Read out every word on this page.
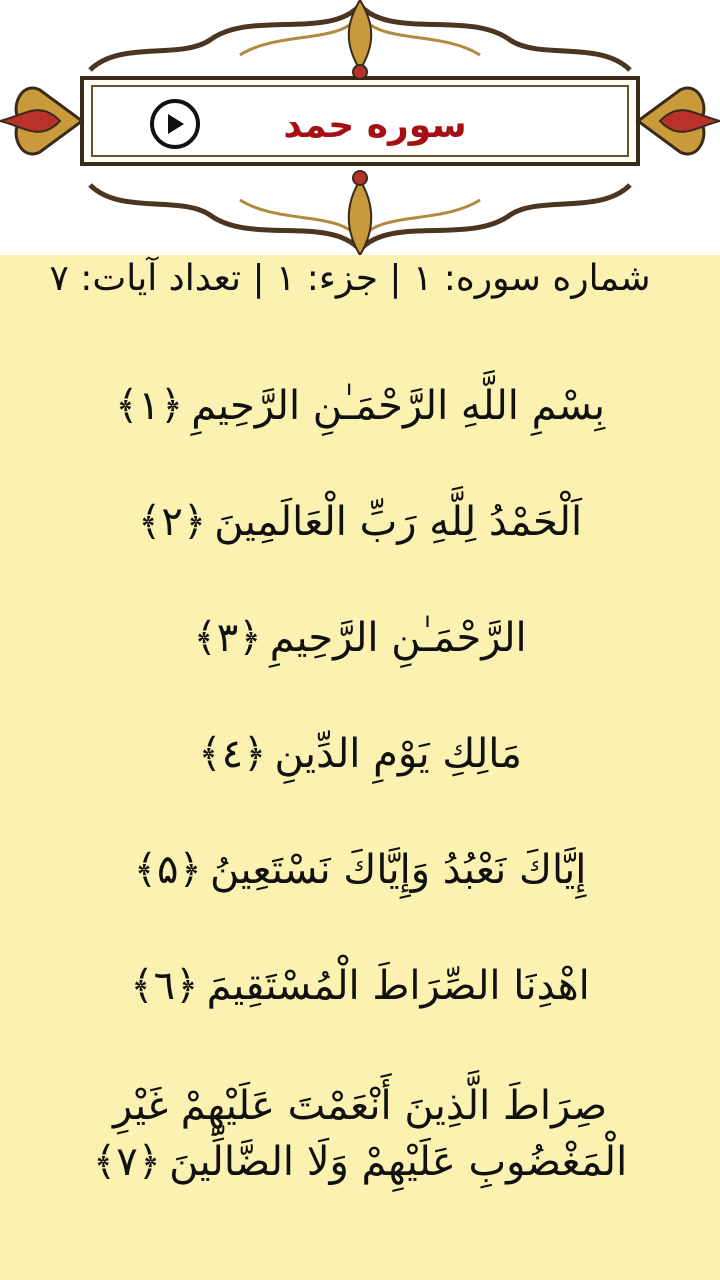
سوره حمد
شماره سوره: ۱ | جزء: ۱ | تعداد آیات: ۷
بِسْمِ اللَّهِ الرَّحْمَـٰنِ الرَّحِيمِ﴿۱﴾
اَلْحَمْدُ لِلَّهِ رَبِّ الْعَالَمِينَ﴿۲﴾
الرَّحْمَـٰنِ الرَّحِيمِ﴿۳﴾
مَالِكِ يَوْمِ الدِّينِ﴿٤﴾
إِيَّاكَ نَعْبُدُ وَإِيَّاكَ نَسْتَعِينُ﴿۵﴾
اهْدِنَا الصِّرَاطَ الْمُسْتَقِيمَ﴿٦﴾
صِرَاطَ الَّذِينَ أَنْعَمْتَ عَلَيْهِمْ غَيْرِ الْمَغْضُوبِ عَلَيْهِمْ وَلَا الضَّالِّينَ﴿۷﴾
